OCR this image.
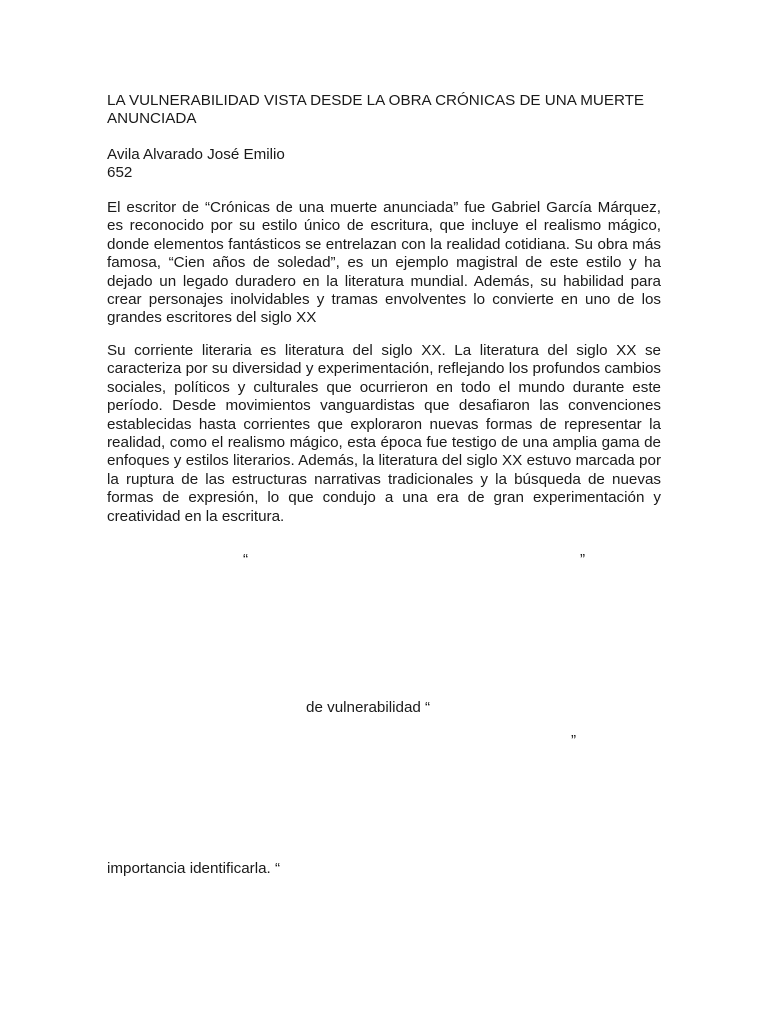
LA VULNERABILIDAD VISTA DESDE LA OBRA CRÓNICAS DE UNA MUERTE ANUNCIADA

Avila Alvarado José Emilio
652

El escritor de “Crónicas de una muerte anunciada” fue Gabriel García Márquez, es reconocido por su estilo único de escritura, que incluye el realismo mágico, donde elementos fantásticos se entrelazan con la realidad cotidiana. Su obra más famosa, “Cien años de soledad”, es un ejemplo magistral de este estilo y ha dejado un legado duradero en la literatura mundial. Además, su habilidad para crear personajes inolvidables y tramas envolventes lo convierte en uno de los grandes escritores del siglo XX

Su corriente literaria es literatura del siglo XX. La literatura del siglo XX se caracteriza por su diversidad y experimentación, reflejando los profundos cambios sociales, políticos y culturales que ocurrieron en todo el mundo durante este período. Desde movimientos vanguardistas que desafiaron las convenciones establecidas hasta corrientes que exploraron nuevas formas de representar la realidad, como el realismo mágico, esta época fue testigo de una amplia gama de enfoques y estilos literarios. Además, la literatura del siglo XX estuvo marcada por la ruptura de las estructuras narrativas tradicionales y la búsqueda de nuevas formas de expresión, lo que condujo a una era de gran experimentación y creatividad en la escritura.

“	”
de vulnerabilidad “
”
importancia identificarla. “
